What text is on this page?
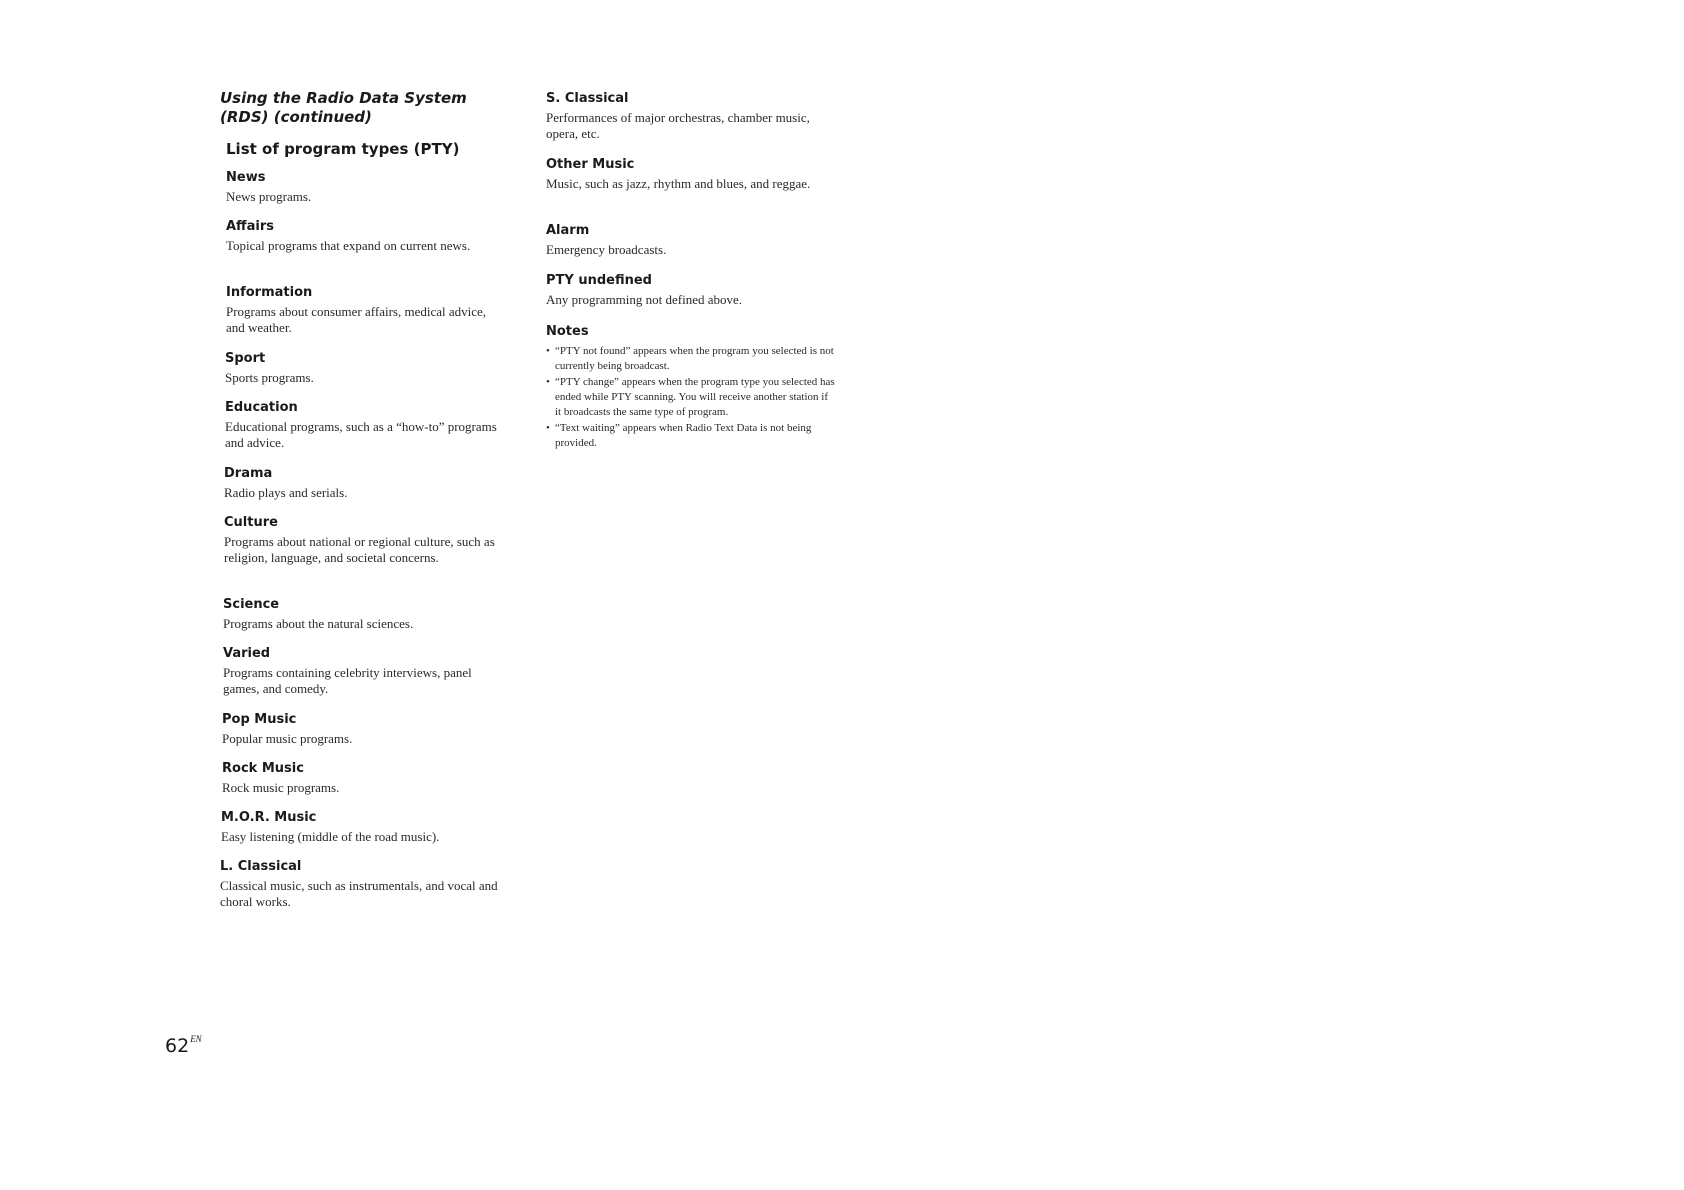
Using the Radio Data System (RDS) (continued)
List of program types (PTY)

News

News programs.

Affairs

Topical programs that expand on current news.

Information

Programs about consumer affairs, medical advice, and weather.

Sport

Sports programs.

Education

Educational programs, such as a “how-to” programs and advice.

Drama

Radio plays and serials.

Culture

Programs about national or regional culture, such as religion, language, and societal concerns.

Science

Programs about the natural sciences.

Varied

Programs containing celebrity interviews, panel games, and comedy.

Pop Music

Popular music programs.

Rock Music

Rock music programs.

M.O.R. Music

Easy listening (middle of the road music).

L. Classical

Classical music, such as instrumentals, and vocal and choral works.

S. Classical

Performances of major orchestras, chamber music, opera, etc.

Other Music

Music, such as jazz, rhythm and blues, and reggae.

Alarm

Emergency broadcasts.

PTY undefined

Any programming not defined above.

Notes

• “PTY not found” appears when the program you selected is not currently being broadcast.
• “PTY change” appears when the program type you selected has ended while PTY scanning. You will receive another station if it broadcasts the same type of program.
• “Text waiting” appears when Radio Text Data is not being provided.
$62^{EN}$
